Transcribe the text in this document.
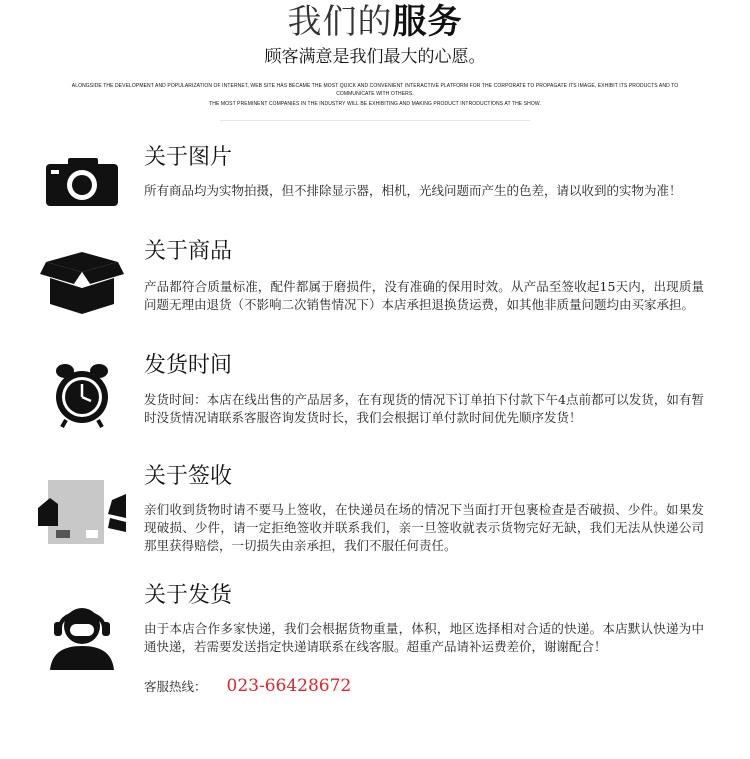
我们的服务
顾客满意是我们最大的心愿。
ALONGSIDE THE DEVELOPMENT AND POPULARIZATION OF INTERNET, WEB SITE HAS BECAME THE MOST QUICK AND CONVENIENT INTERACTIVE PLATFORM FOR THE CORPORATE TO PROPAGATE ITS IMAGE, EXHIBIT ITS PRODUCTS AND TO
COMMUNICATE WITH OTHERS.
THE MOST PREMINENT COMPANIES IN THE INDUSTRY WILL BE EXHIBITING AND MAKING PRODUCT INTRODUCTIONS AT THE SHOW.
关于图片
所有商品均为实物拍摄，但不排除显示器，相机，光线问题而产生的色差，请以收到的实物为准！
关于商品
产品都符合质量标准，配件都属于磨损件，没有准确的保用时效。从产品至签收起15天内，出现质量问题无理由退货（不影响二次销售情况下）本店承担退换货运费，如其他非质量问题均由买家承担。
发货时间
发货时间：本店在线出售的产品居多，在有现货的情况下订单拍下付款下午4点前都可以发货，如有暂时没货情况请联系客服咨询发货时长，我们会根据订单付款时间优先顺序发货！
关于签收
亲们收到货物时请不要马上签收，在快递员在场的情况下当面打开包裹检查是否破损、少件。如果发现破损、少件，请一定拒绝签收并联系我们，亲一旦签收就表示货物完好无缺，我们无法从快递公司那里获得赔偿，一切损失由亲承担，我们不服任何责任。
关于发货
由于本店合作多家快递，我们会根据货物重量，体积，地区选择相对合适的快递。本店默认快递为中通快递，若需要发送指定快递请联系在线客服。超重产品请补运费差价，谢谢配合！
客服热线： 023-66428672
